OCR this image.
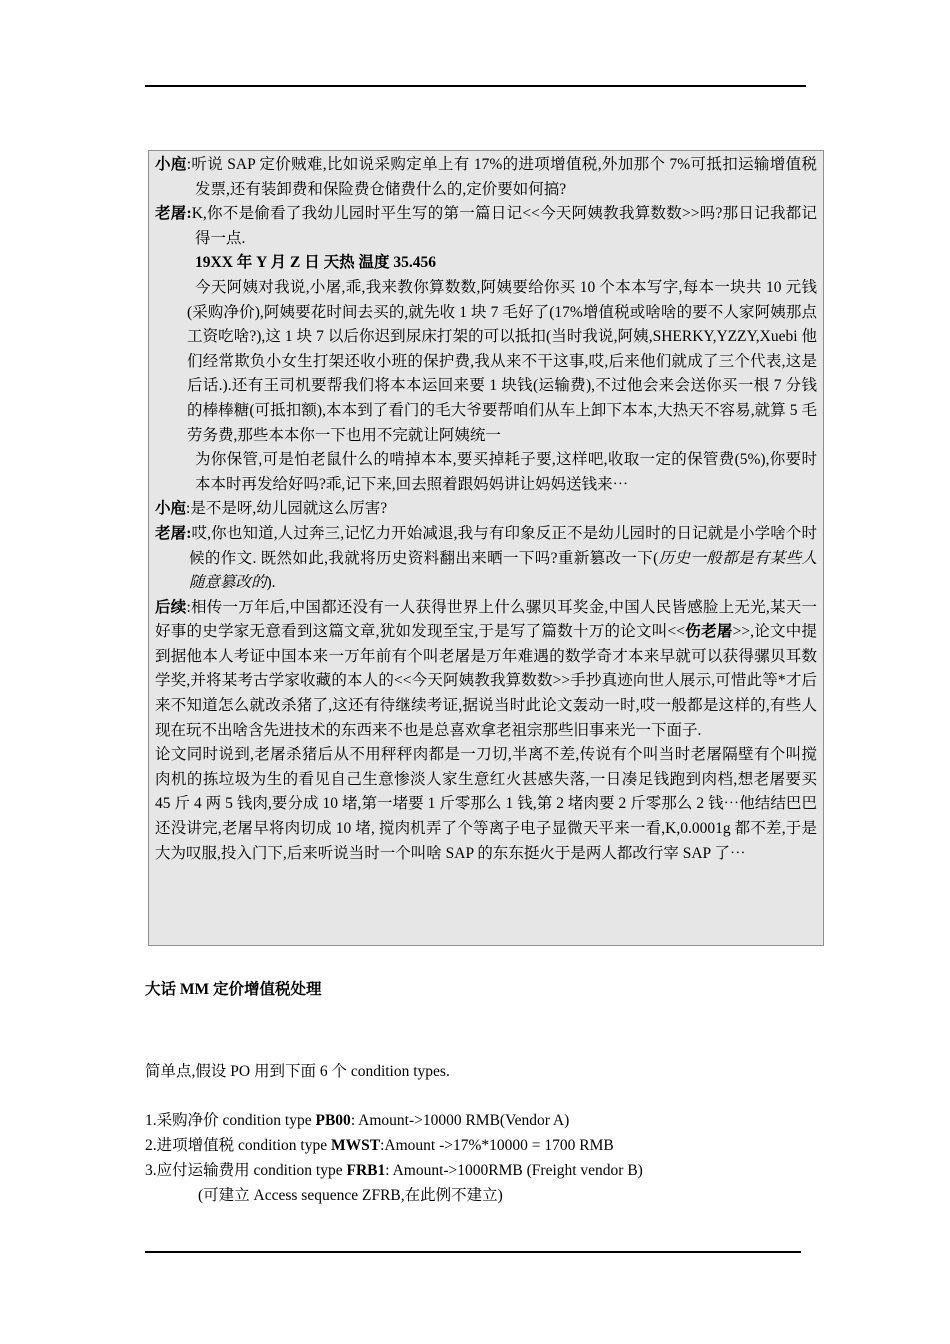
小庖:听说 SAP 定价贼难,比如说采购定单上有 17%的进项增值税,外加那个 7%可抵扣运输增值税发票,还有装卸费和保险费仓储费什么的,定价要如何搞?

老屠:K,你不是偷看了我幼儿园时平生写的第一篇日记<<今天阿姨教我算数数>>吗?那日记我都记得一点.

19XX 年 Y 月 Z 日 天热 温度 35.456

今天阿姨对我说,小屠,乖,我来教你算数数,阿姨要给你买 10 个本本写字,每本一块共 10 元钱(采购净价),阿姨要花时间去买的,就先收 1 块 7 毛好了(17%增值税或啥啥的要不人家阿姨那点工资吃啥?),这 1 块 7 以后你迟到尿床打架的可以抵扣(当时我说,阿姨,SHERKY,YZZY,Xuebi 他们经常欺负小女生打架还收小班的保护费,我从来不干这事,哎,后来他们就成了三个代表,这是后话.).还有王司机要帮我们将本本运回来要 1 块钱(运输费),不过他会来会送你买一根 7 分钱的棒棒糖(可抵扣额),本本到了看门的毛大爷要帮咱们从车上卸下本本,大热天不容易,就算 5 毛劳务费,那些本本你一下也用不完就让阿姨统一

为你保管,可是怕老鼠什么的啃掉本本,要买掉耗子要,这样吧,收取一定的保管费(5%),你要时本本时再发给好吗?乖,记下来,回去照着跟妈妈讲让妈妈送钱来⋯

小庖:是不是呀,幼儿园就这么厉害?

老屠:哎,你也知道,人过奔三,记忆力开始减退,我与有印象反正不是幼儿园时的日记就是小学啥个时候的作文. 既然如此,我就将历史资料翻出来晒一下吗?重新篡改一下(历史一般都是有某些人随意篡改的).

后续:相传一万年后,中国都还没有一人获得世界上什么骡贝耳奖金,中国人民皆感脸上无光,某天一好事的史学家无意看到这篇文章,犹如发现至宝,于是写了篇数十万的论文叫<<伤老屠>>,论文中提到据他本人考证中国本来一万年前有个叫老屠是万年难遇的数学奇才本来早就可以获得骡贝耳数学奖,并将某考古学家收藏的本人的<<今天阿姨教我算数数>>手抄真迹向世人展示,可惜此等*才后来不知道怎么就改杀猪了,这还有待继续考证,据说当时此论文轰动一时,哎一般都是这样的,有些人现在玩不出啥含先进技术的东西来不也是总喜欢拿老祖宗那些旧事来光一下面子.

论文同时说到,老屠杀猪后从不用秤秤肉都是一刀切,半离不差,传说有个叫当时老屠隔壁有个叫搅肉机的拣垃圾为生的看见自己生意惨淡人家生意红火甚感失落,一日凑足钱跑到肉档,想老屠要买 45 斤 4 两 5 钱肉,要分成 10 堵,第一堵要 1 斤零那么 1 钱,第 2 堵肉要 2 斤零那么 2 钱⋯他结结巴巴还没讲完,老屠早将肉切成 10 堵, 搅肉机弄了个等离子电子显微天平来一看,K,0.0001g 都不差,于是大为叹服,投入门下,后来听说当时一个叫啥 SAP 的东东挺火于是两人都改行宰 SAP 了⋯

大话 MM 定价增值税处理
简单点,假设 PO 用到下面 6 个 condition types.
1.采购净价 condition type PB00: Amount->10000 RMB(Vendor A)
2.进项增值税 condition type MWST:Amount ->17%*10000 = 1700 RMB
3.应付运输费用 condition type FRB1: Amount->1000RMB (Freight vendor B)
(可建立 Access sequence ZFRB,在此例不建立)
